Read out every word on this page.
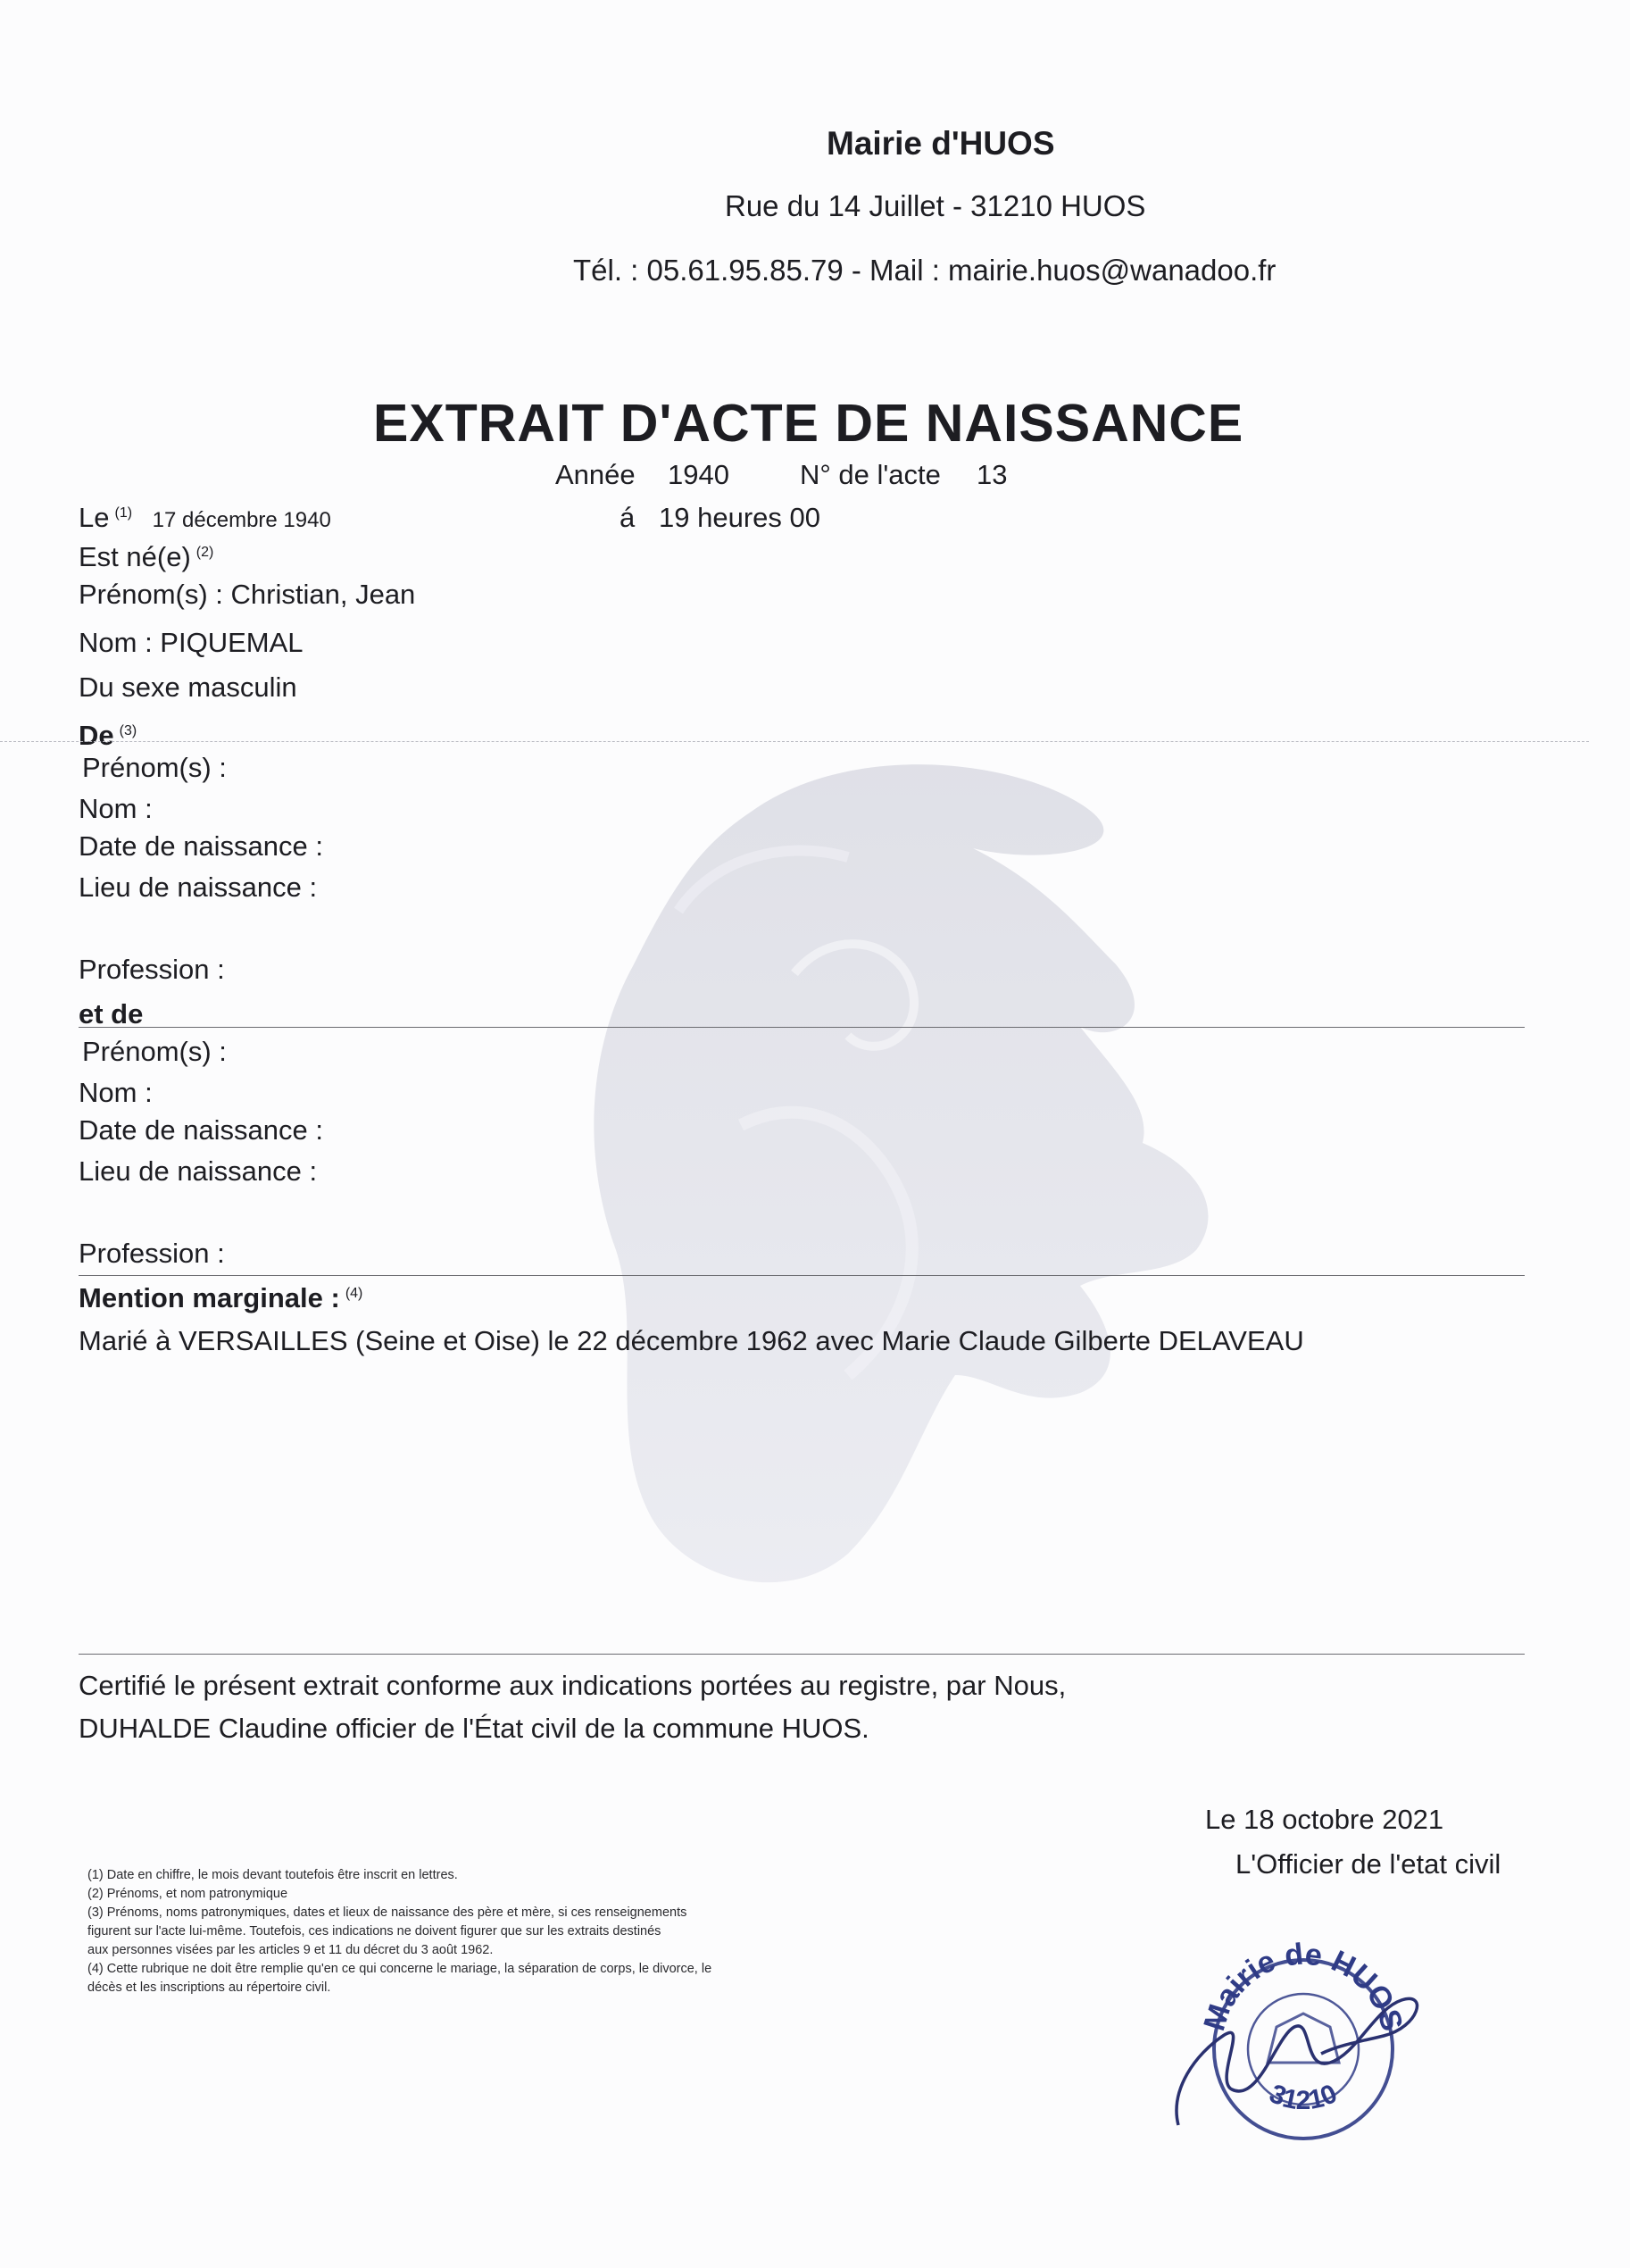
Mairie d'HUOS
Rue du 14 Juillet - 31210 HUOS
Tél. : 05.61.95.85.79 - Mail : mairie.huos@wanadoo.fr
EXTRAIT D'ACTE DE NAISSANCE
Année 1940	N° de l'acte 13
á 19 heures 00
Le $^{(1)}$ 17 décembre 1940
Est né(e) $^{(2)}$
Prénom(s) : Christian, Jean
Nom : PIQUEMAL
Du sexe masculin
De $^{(3)}$
Prénom(s) :
Nom :
Date de naissance :
Lieu de naissance :
Profession :
et de
Prénom(s) :
Nom :
Date de naissance :
Lieu de naissance :
Profession :
Mention marginale : $^{(4)}$
Marié à VERSAILLES (Seine et Oise) le 22 décembre 1962 avec Marie Claude Gilberte DELAVEAU
Certifié le présent extrait conforme aux indications portées au registre, par Nous,
DUHALDE Claudine officier de l'État civil de la commune HUOS.
Le 18 octobre 2021
L'Officier de l'etat civil
(1) Date en chiffre, le mois devant toutefois être inscrit en lettres.
(2) Prénoms, et nom patronymique
(3) Prénoms, noms patronymiques, dates et lieux de naissance des père et mère, si ces renseignements
figurent sur l'acte lui-même. Toutefois, ces indications ne doivent figurer que sur les extraits destinés
aux personnes visées par les articles 9 et 11 du décret du 3 août 1962.
(4) Cette rubrique ne doit être remplie qu'en ce qui concerne le mariage, la séparation de corps, le divorce, le
décès et les inscriptions au répertoire civil.
Mairie de HUOS
31210
